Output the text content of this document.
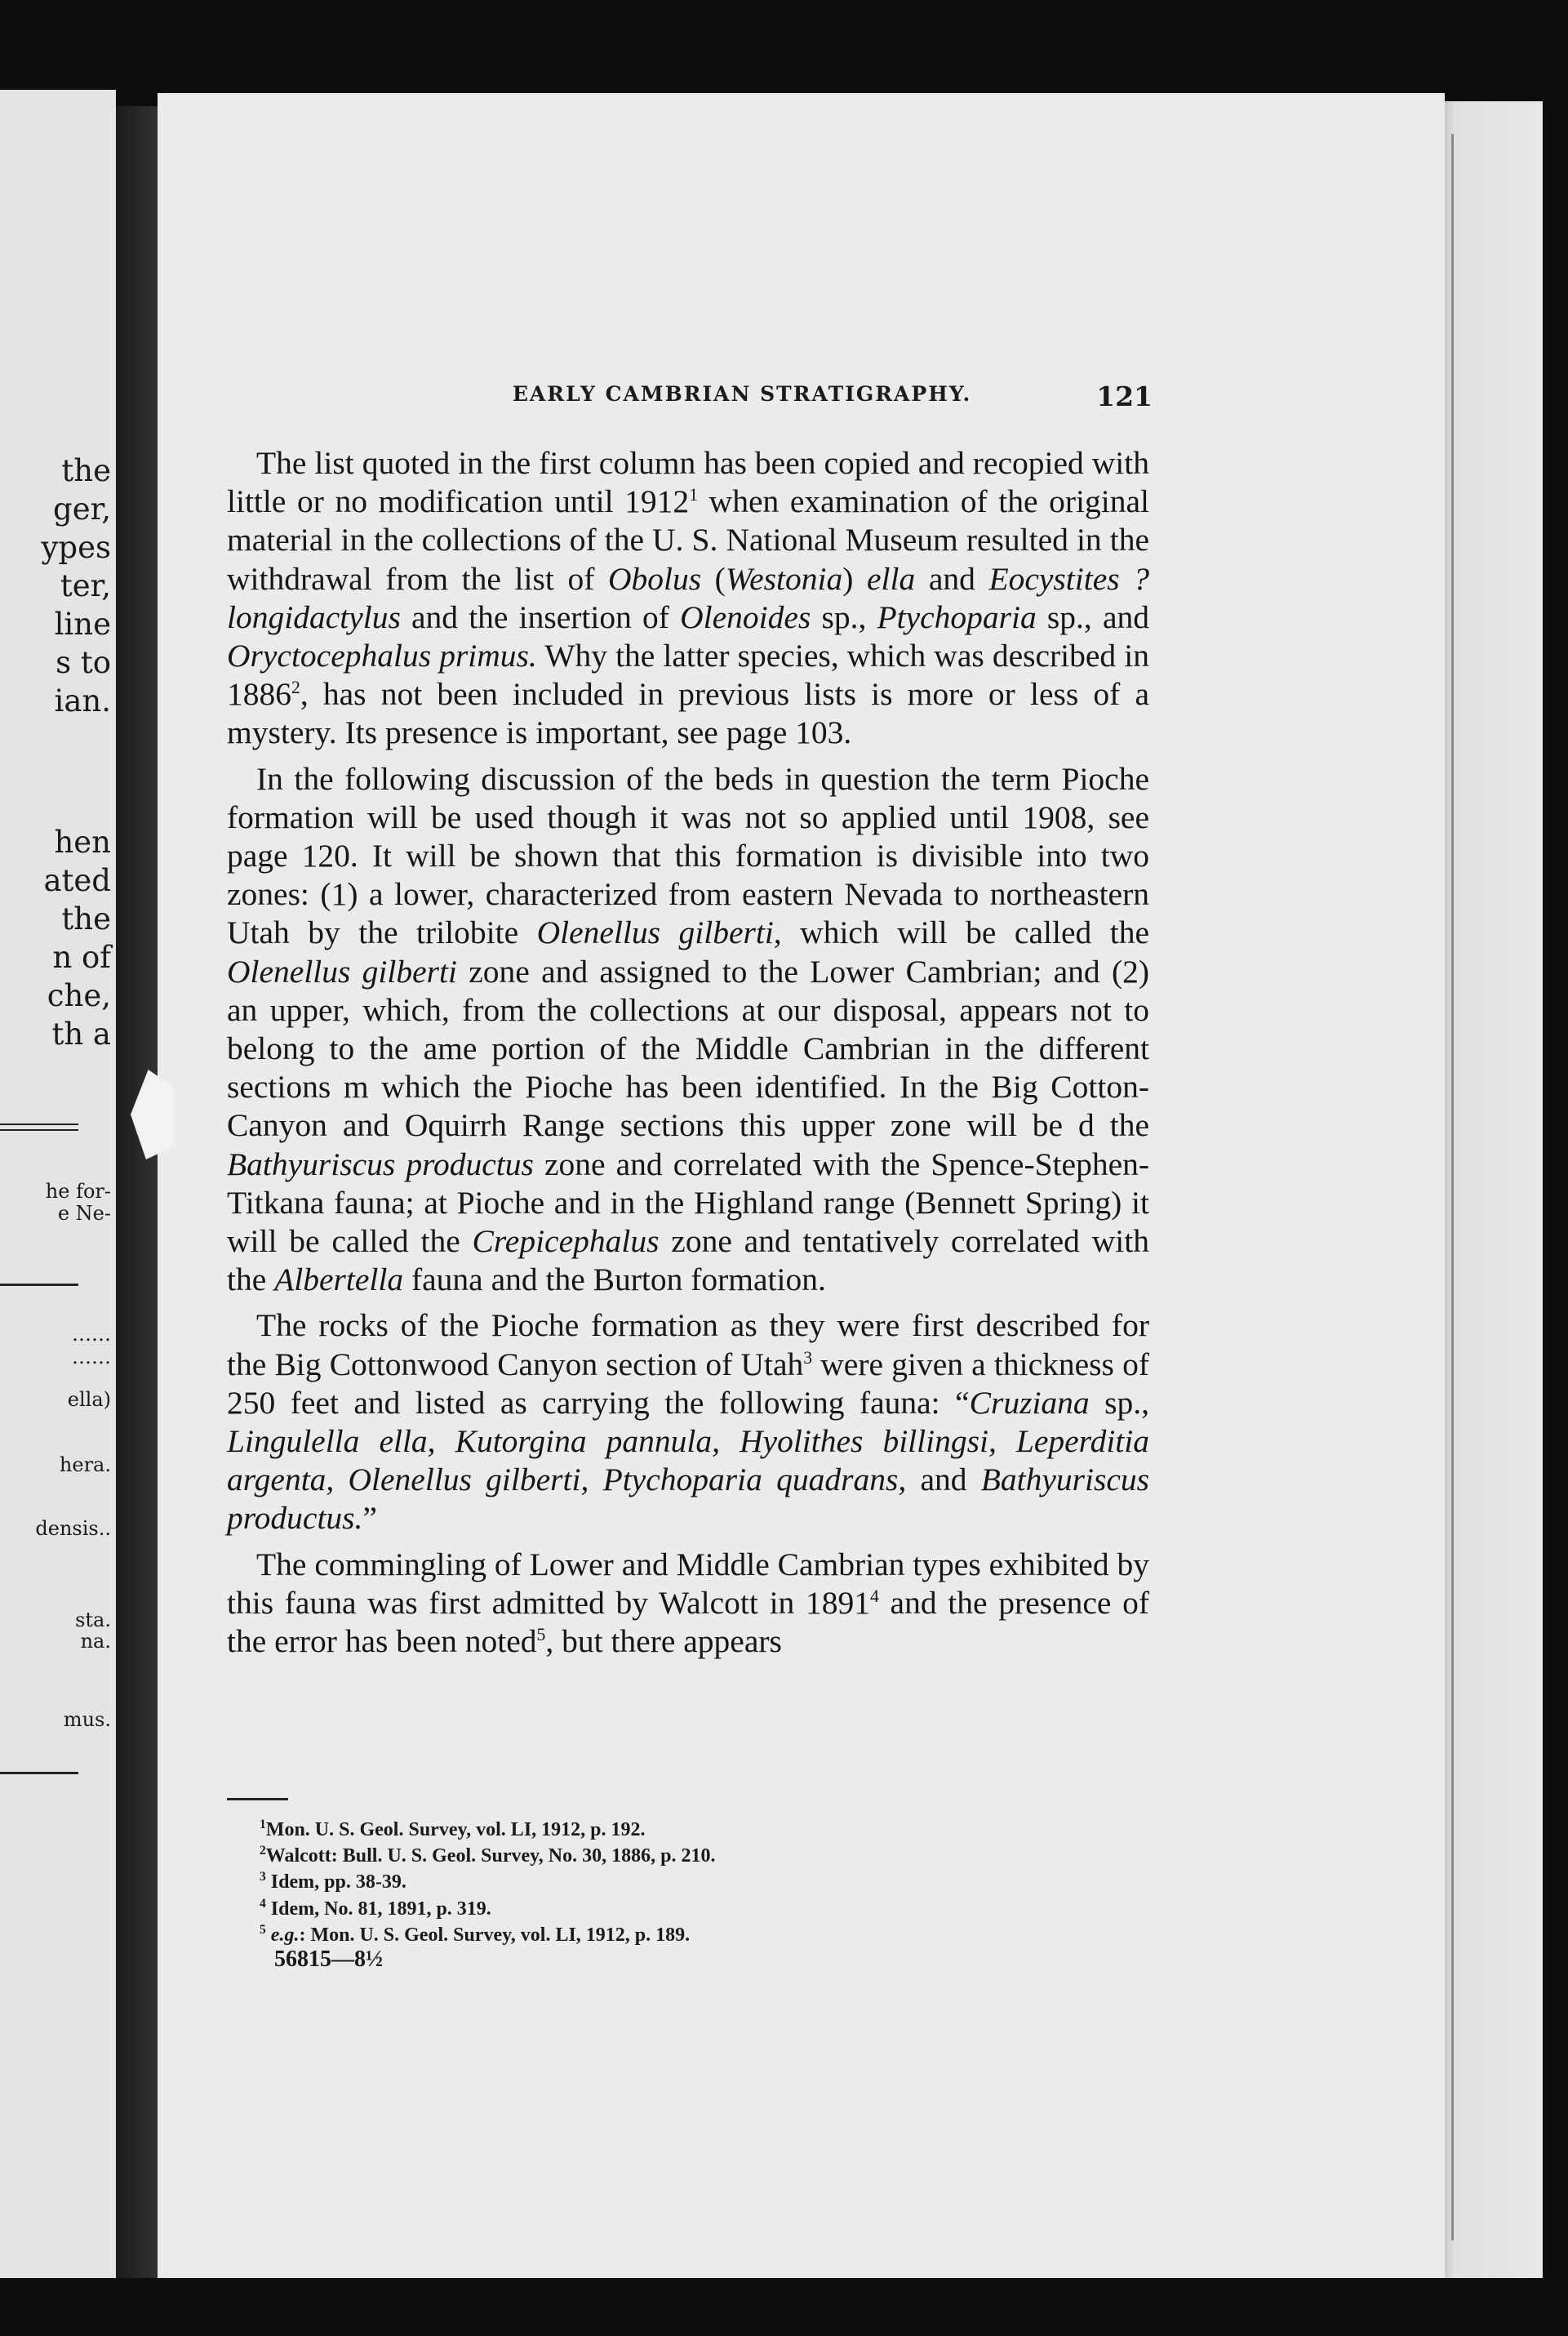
the

ger,

ypes

ter,

line

s to

ian.

hen

ated

the

n of

che,

th a

he for-

e Ne-

……

……

ella)

hera.

densis..

sta.

na.

mus.

EARLY CAMBRIAN STRATIGRAPHY.	121

The list quoted in the first column has been copied and recopied with little or no modification until 1912$^1$ when examination of the original material in the collections of the U. S. National Museum resulted in the withdrawal from the list of Obolus (Westonia) ella and Eocystites ? longidactylus and the insertion of Olenoides sp., Ptychoparia sp., and Oryctocephalus primus. Why the latter species, which was described in 1886$^2$, has not been included in previous lists is more or less of a mystery. Its presence is important, see page 103.

In the following discussion of the beds in question the term Pioche formation will be used though it was not so applied until 1908, see page 120. It will be shown that this formation is divisible into two zones: (1) a lower, characterized from eastern Nevada to northeastern Utah by the trilobite Olenellus gilberti, which will be called the Olenellus gilberti zone and assigned to the Lower Cambrian; and (2) an upper, which, from the collections at our disposal, appears not to belong to the ame portion of the Middle Cambrian in the different sections m which the Pioche has been identified. In the Big Cotton- Canyon and Oquirrh Range sections this upper zone will be d the Bathyuriscus productus zone and correlated with the Spence-Stephen-Titkana fauna; at Pioche and in the Highland range (Bennett Spring) it will be called the Crepicephalus zone and tentatively correlated with the Albertella fauna and the Burton formation.

The rocks of the Pioche formation as they were first described for the Big Cottonwood Canyon section of Utah$^3$ were given a thickness of 250 feet and listed as carrying the following fauna: “Cruziana sp., Lingulella ella, Kutorgina pannula, Hyolithes billingsi, Leperditia argenta, Olenellus gilberti, Ptychoparia quadrans, and Bathyuriscus productus.”

The commingling of Lower and Middle Cambrian types exhibited by this fauna was first admitted by Walcott in 1891$^4$ and the presence of the error has been noted$^5$, but there appears

$^1$Mon. U. S. Geol. Survey, vol. LI, 1912, p. 192.
$^2$Walcott: Bull. U. S. Geol. Survey, No. 30, 1886, p. 210.
$^3$ Idem, pp. 38-39.
$^4$ Idem, No. 81, 1891, p. 319.
$^5$ e.g.: Mon. U. S. Geol. Survey, vol. LI, 1912, p. 189.
56815—8½
